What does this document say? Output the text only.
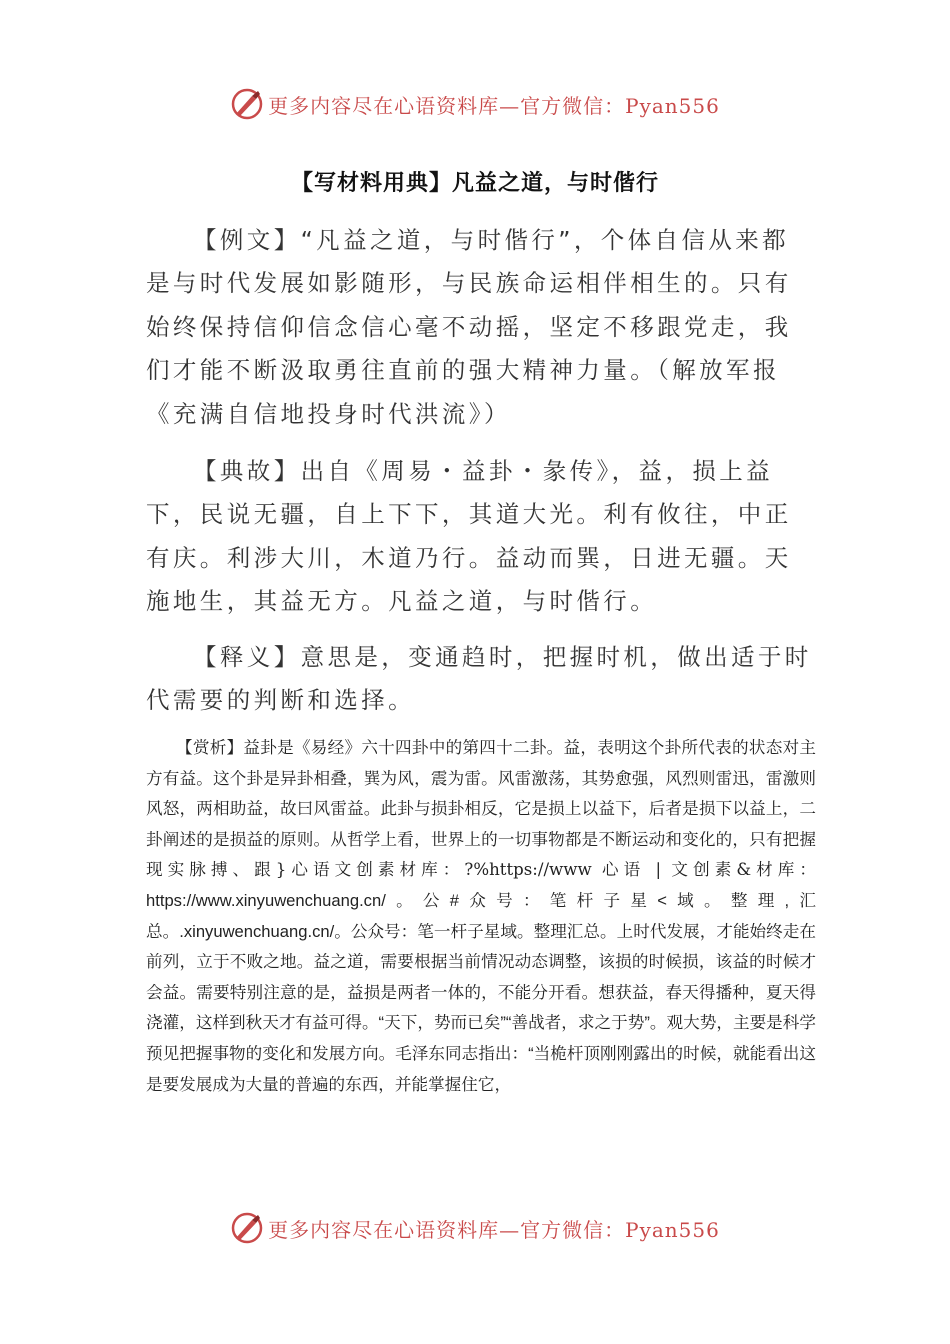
更多内容尽在心语资料库—官方微信：Pyan556
【写材料用典】凡益之道，与时偕行

【例文】“凡益之道，与时偕行”，个体自信从来都是与时代发展如影随形，与民族命运相伴相生的。只有始终保持信仰信念信心毫不动摇，坚定不移跟党走，我们才能不断汲取勇往直前的强大精神力量。（解放军报《充满自信地投身时代洪流》）

【典故】出自《周易・益卦・彖传》，益，损上益下，民说无疆，自上下下，其道大光。利有攸往，中正有庆。利涉大川，木道乃行。益动而巽，日进无疆。天施地生，其益无方。凡益之道，与时偕行。

【释义】意思是，变通趋时，把握时机，做出适于时代需要的判断和选择。

【赏析】益卦是《易经》六十四卦中的第四十二卦。益，表明这个卦所代表的状态对主方有益。这个卦是异卦相叠，巽为风，震为雷。风雷激荡，其势愈强，风烈则雷迅，雷激则风怒，两相助益，故曰风雷益。此卦与损卦相反，它是损上以益下，后者是损下以益上，二卦阐述的是损益的原则。从哲学上看，世界上的一切事物都是不断运动和变化的，只有把握现实脉搏、跟}心语文创素材库：?%https://www 心语 | 文创素&材库： https://www.xinyuwenchuang.cn/。公#众号：笔杆子星<域。整理,汇总。.xinyuwenchuang.cn/。公众号：笔一杆子星域。整理汇总。上时代发展，才能始终走在前列，立于不败之地。益之道，需要根据当前情况动态调整，该损的时候损，该益的时候才会益。需要特别注意的是，益损是两者一体的，不能分开看。想获益，春天得播种，夏天得浇灌，这样到秋天才有益可得。“天下，势而已矣”“善战者，求之于势”。观大势，主要是科学预见把握事物的变化和发展方向。毛泽东同志指出：“当桅杆顶刚刚露出的时候，就能看出这是要发展成为大量的普遍的东西，并能掌握住它，

更多内容尽在心语资料库—官方微信：Pyan556
